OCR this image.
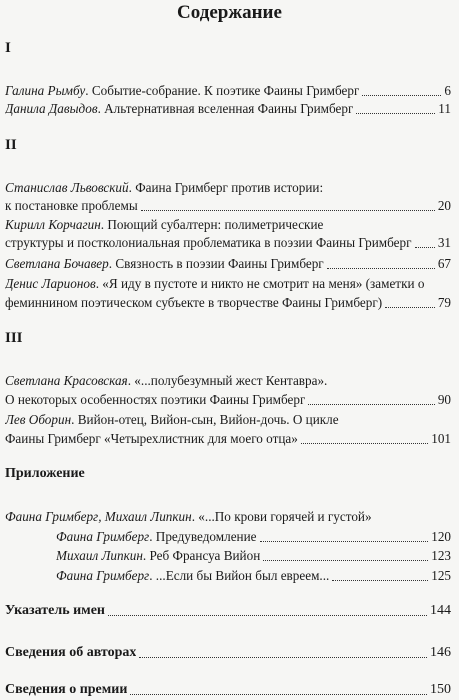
Содержание
I
Галина Рымбу. Событие-собрание. К поэтике Фаины Гримберг	6
Данила Давыдов. Альтернативная вселенная Фаины Гримберг	11
II
Станислав Львовский. Фаина Гримберг против истории:
к постановке проблемы	20
Кирилл Корчагин. Поющий субалтерн: полиметрические
структуры и постколониальная проблематика в поэзии Фаины Гримберг 31
Светлана Бочавер. Связность в поэзии Фаины Гримберг	67
Денис Ларионов. «Я иду в пустоте и никто не смотрит на меня» (заметки о
феминнином поэтическом субъекте в творчестве Фаины Гримберг)	79
III
Светлана Красовская. «...полубезумный жест Кентавра».
О некоторых особенностях поэтики Фаины Гримберг	90
Лев Оборин. Вийон-отец, Вийон-сын, Вийон-дочь. О цикле
Фаины Гримберг «Четырехлистник для моего отца»	101
Приложение
Фаина Гримберг, Михаил Липкин. «...По крови горячей и густой»
Фаина Гримберг. Предуведомление	120
Михаил Липкин. Реб Франсуа Вийон	123
Фаина Гримберг. ...Если бы Вийон был евреем...	125
Указатель имен	144
Сведения об авторах	146
Сведения о премии	150
